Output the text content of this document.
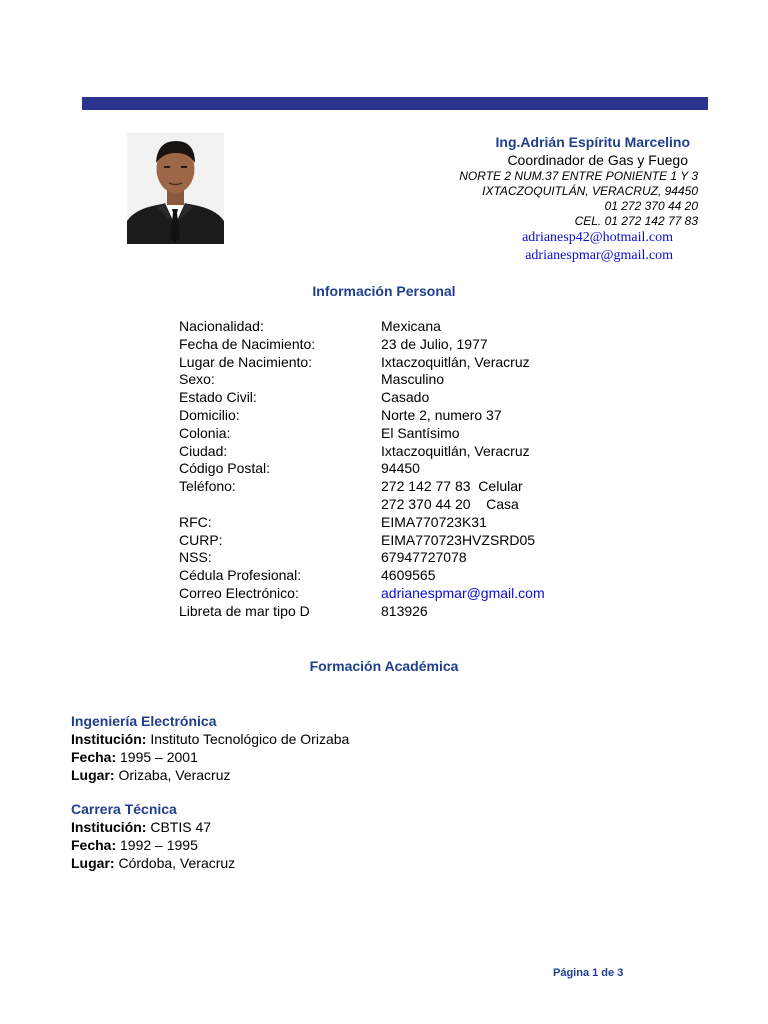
Ing.Adrián Espíritu Marcelino
Coordinador de Gas y Fuego
NORTE 2 NUM.37 ENTRE PONIENTE 1 Y 3
IXTACZOQUITLÁN, VERACRUZ, 94450
01 272 370 44 20
CEL. 01 272 142 77 83
adrianesp42@hotmail.com
adrianespmar@gmail.com
Información Personal
Nacionalidad:	Mexicana
Fecha de Nacimiento:	23 de Julio, 1977
Lugar de Nacimiento:	Ixtaczoquitlán, Veracruz
Sexo:	Masculino
Estado Civil:	Casado
Domicilio:	Norte 2, numero 37
Colonia:	El Santísimo
Ciudad:	Ixtaczoquitlán, Veracruz
Código Postal:	94450
Teléfono:	272 142 77 83  Celular
272 370 44 20    Casa
RFC:	EIMA770723K31
CURP:	EIMA770723HVZSRD05
NSS:	67947727078
Cédula Profesional:	4609565
Correo Electrónico:	adrianespmar@gmail.com
Libreta de mar tipo D	813926
Formación Académica
Ingeniería Electrónica
Institución: Instituto Tecnológico de Orizaba
Fecha: 1995 – 2001
Lugar: Orizaba, Veracruz
Carrera Técnica
Institución: CBTIS 47
Fecha: 1992 – 1995
Lugar: Córdoba, Veracruz
Página 1 de 3
